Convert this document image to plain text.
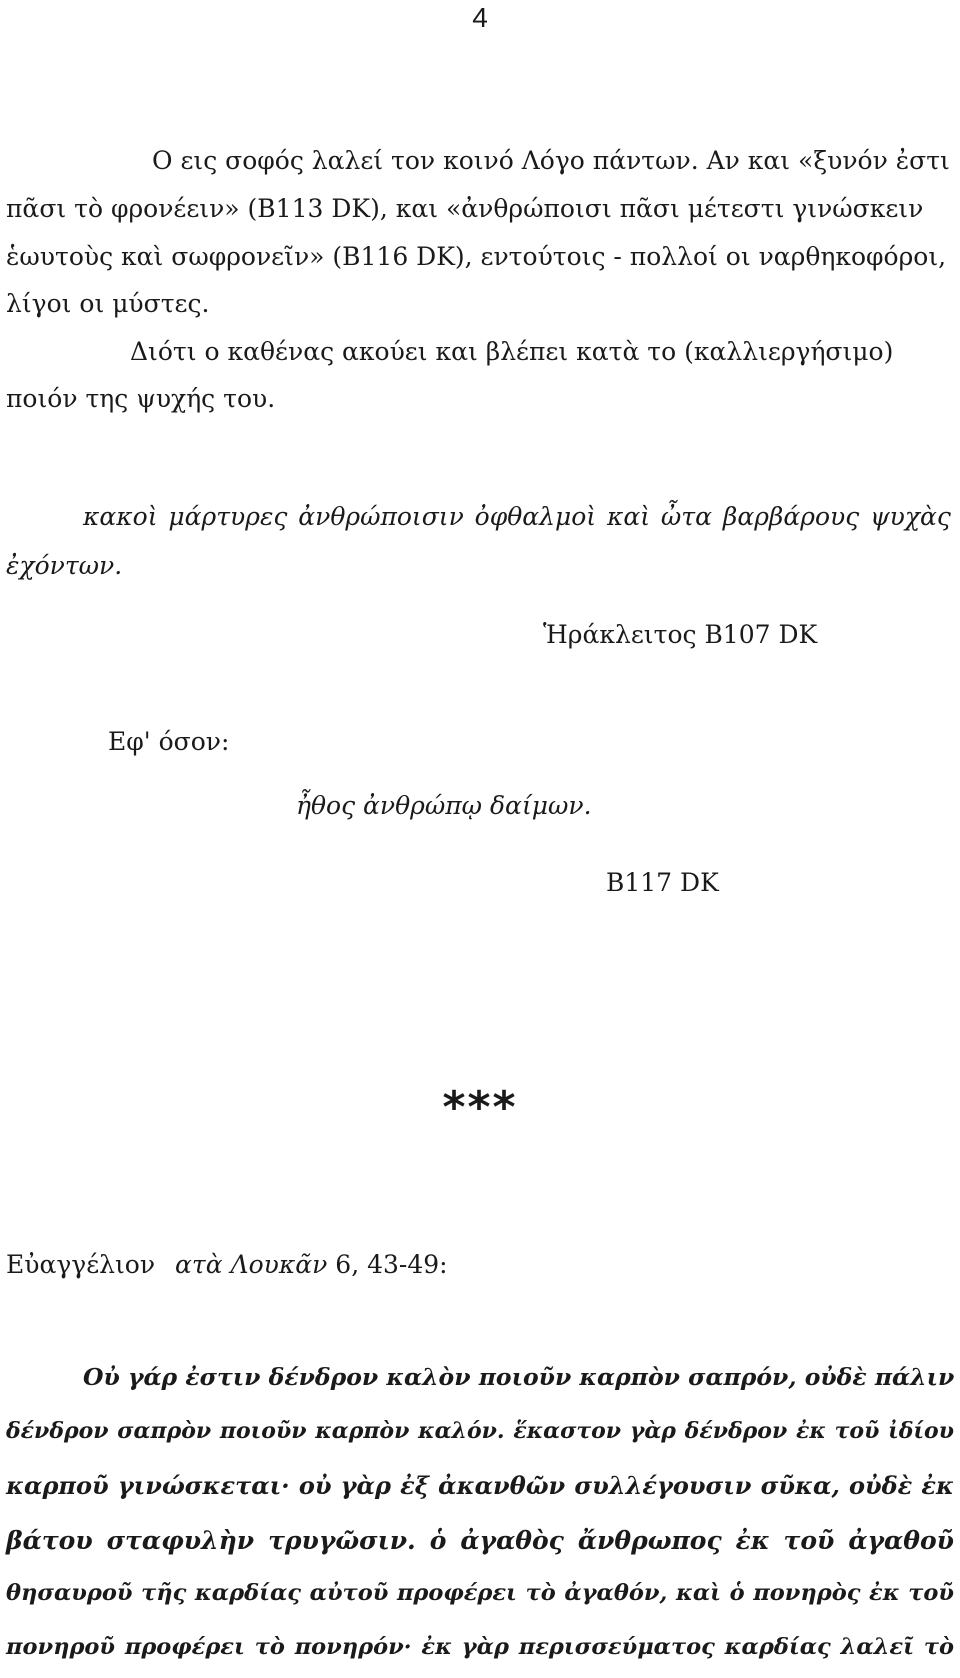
4
Ο εις σοφός λαλεί τον κοινό Λόγο πάντων. Αν και «ξυνόν ἐστι
πᾶσι τὸ φρονέειν» (B113 DK), και «ἀνθρώποισι πᾶσι μέτεστι γινώσκειν
ἑωυτοὺς καὶ σωφρονεῖν» (B116 DK), εντούτοις - πολλοί οι ναρθηκοφόροι,
λίγοι οι μύστες.
Διότι ο καθένας ακούει και βλέπει κατὰ το (καλλιεργήσιμο)
ποιόν της ψυχής του.
κακοὶ μάρτυρες ἀνθρώποισιν ὀφθαλμοὶ καὶ ὦτα βαρβάρους ψυχὰς
ἐχόντων.
Ἡράκλειτος B107 DK
Εφ' όσον:
ἦθος ἀνθρώπῳ δαίμων.
B117 DK
***
Εὐαγγέλιον ατὰ Λουκᾶν 6, 43-49:
Οὐ γάρ ἐστιν δένδρον καλὸν ποιοῦν καρπὸν σαπρόν, οὐδὲ πάλιν
δένδρον σαπρὸν ποιοῦν καρπὸν καλόν. ἕκαστον γὰρ δένδρον ἐκ τοῦ ἰδίου
καρποῦ γινώσκεται· οὐ γὰρ ἐξ ἀκανθῶν συλλέγουσιν σῦκα, οὐδὲ ἐκ
βάτου σταφυλὴν τρυγῶσιν. ὁ ἀγαθὸς ἄνθρωπος ἐκ τοῦ ἀγαθοῦ
θησαυροῦ τῆς καρδίας αὐτοῦ προφέρει τὸ ἀγαθόν, καὶ ὁ πονηρὸς ἐκ τοῦ
πονηροῦ προφέρει τὸ πονηρόν· ἐκ γὰρ περισσεύματος καρδίας λαλεῖ τὸ
